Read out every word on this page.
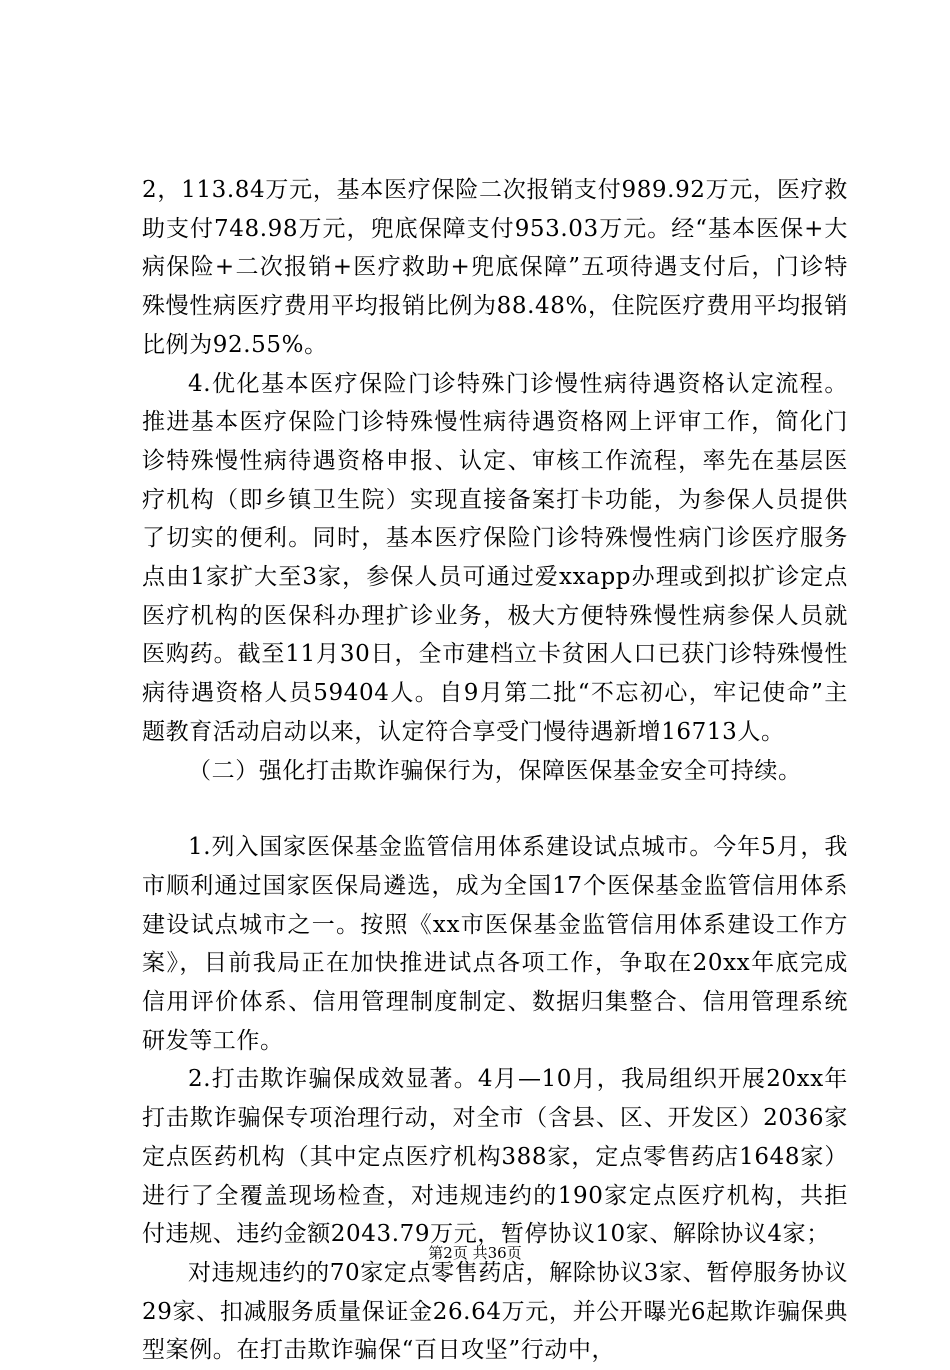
2，113.84万元，基本医疗保险二次报销支付989.92万元，医疗救助支付748.98万元，兜底保障支付953.03万元。经“基本医保+大病保险+二次报销+医疗救助+兜底保障”五项待遇支付后，门诊特殊慢性病医疗费用平均报销比例为88.48%，住院医疗费用平均报销比例为92.55%。

4.优化基本医疗保险门诊特殊门诊慢性病待遇资格认定流程。推进基本医疗保险门诊特殊慢性病待遇资格网上评审工作，简化门诊特殊慢性病待遇资格申报、认定、审核工作流程，率先在基层医疗机构（即乡镇卫生院）实现直接备案打卡功能，为参保人员提供了切实的便利。同时，基本医疗保险门诊特殊慢性病门诊医疗服务点由1家扩大至3家，参保人员可通过爱xxapp办理或到拟扩诊定点医疗机构的医保科办理扩诊业务，极大方便特殊慢性病参保人员就医购药。截至11月30日，全市建档立卡贫困人口已获门诊特殊慢性病待遇资格人员59404人。自9月第二批“不忘初心，牢记使命”主题教育活动启动以来，认定符合享受门慢待遇新增16713人。

（二）强化打击欺诈骗保行为，保障医保基金安全可持续。

1.列入国家医保基金监管信用体系建设试点城市。今年5月，我市顺利通过国家医保局遴选，成为全国17个医保基金监管信用体系建设试点城市之一。按照《xx市医保基金监管信用体系建设工作方案》，目前我局正在加快推进试点各项工作，争取在20xx年底完成信用评价体系、信用管理制度制定、数据归集整合、信用管理系统研发等工作。

2.打击欺诈骗保成效显著。4月—10月，我局组织开展20xx年打击欺诈骗保专项治理行动，对全市（含县、区、开发区）2036家定点医药机构（其中定点医疗机构388家，定点零售药店1648家）进行了全覆盖现场检查，对违规违约的190家定点医疗机构，共拒付违规、违约金额2043.79万元，暂停协议10家、解除协议4家；

对违规违约的70家定点零售药店，解除协议3家、暂停服务协议29家、扣减服务质量保证金26.64万元，并公开曝光6起欺诈骗保典型案例。在打击欺诈骗保“百日攻坚”行动中，

第2页 共36页
